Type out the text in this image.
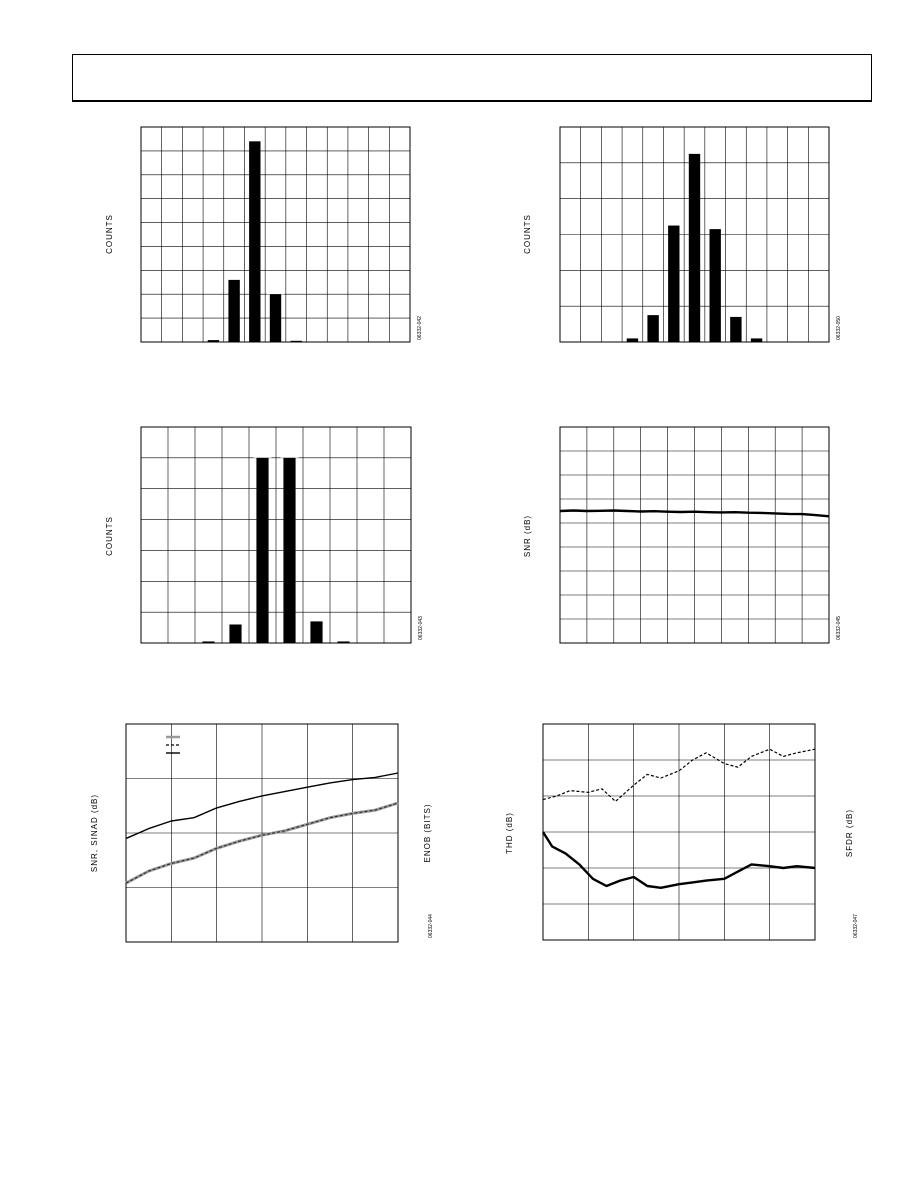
COUNTS
06332-042
COUNTS
06332-050
COUNTS
06332-043
SNR (dB)
06332-045
SNR, SINAD (dB)	ENOB (BITS)
06332-044
THD (dB)	SFDR (dB)
06332-047
